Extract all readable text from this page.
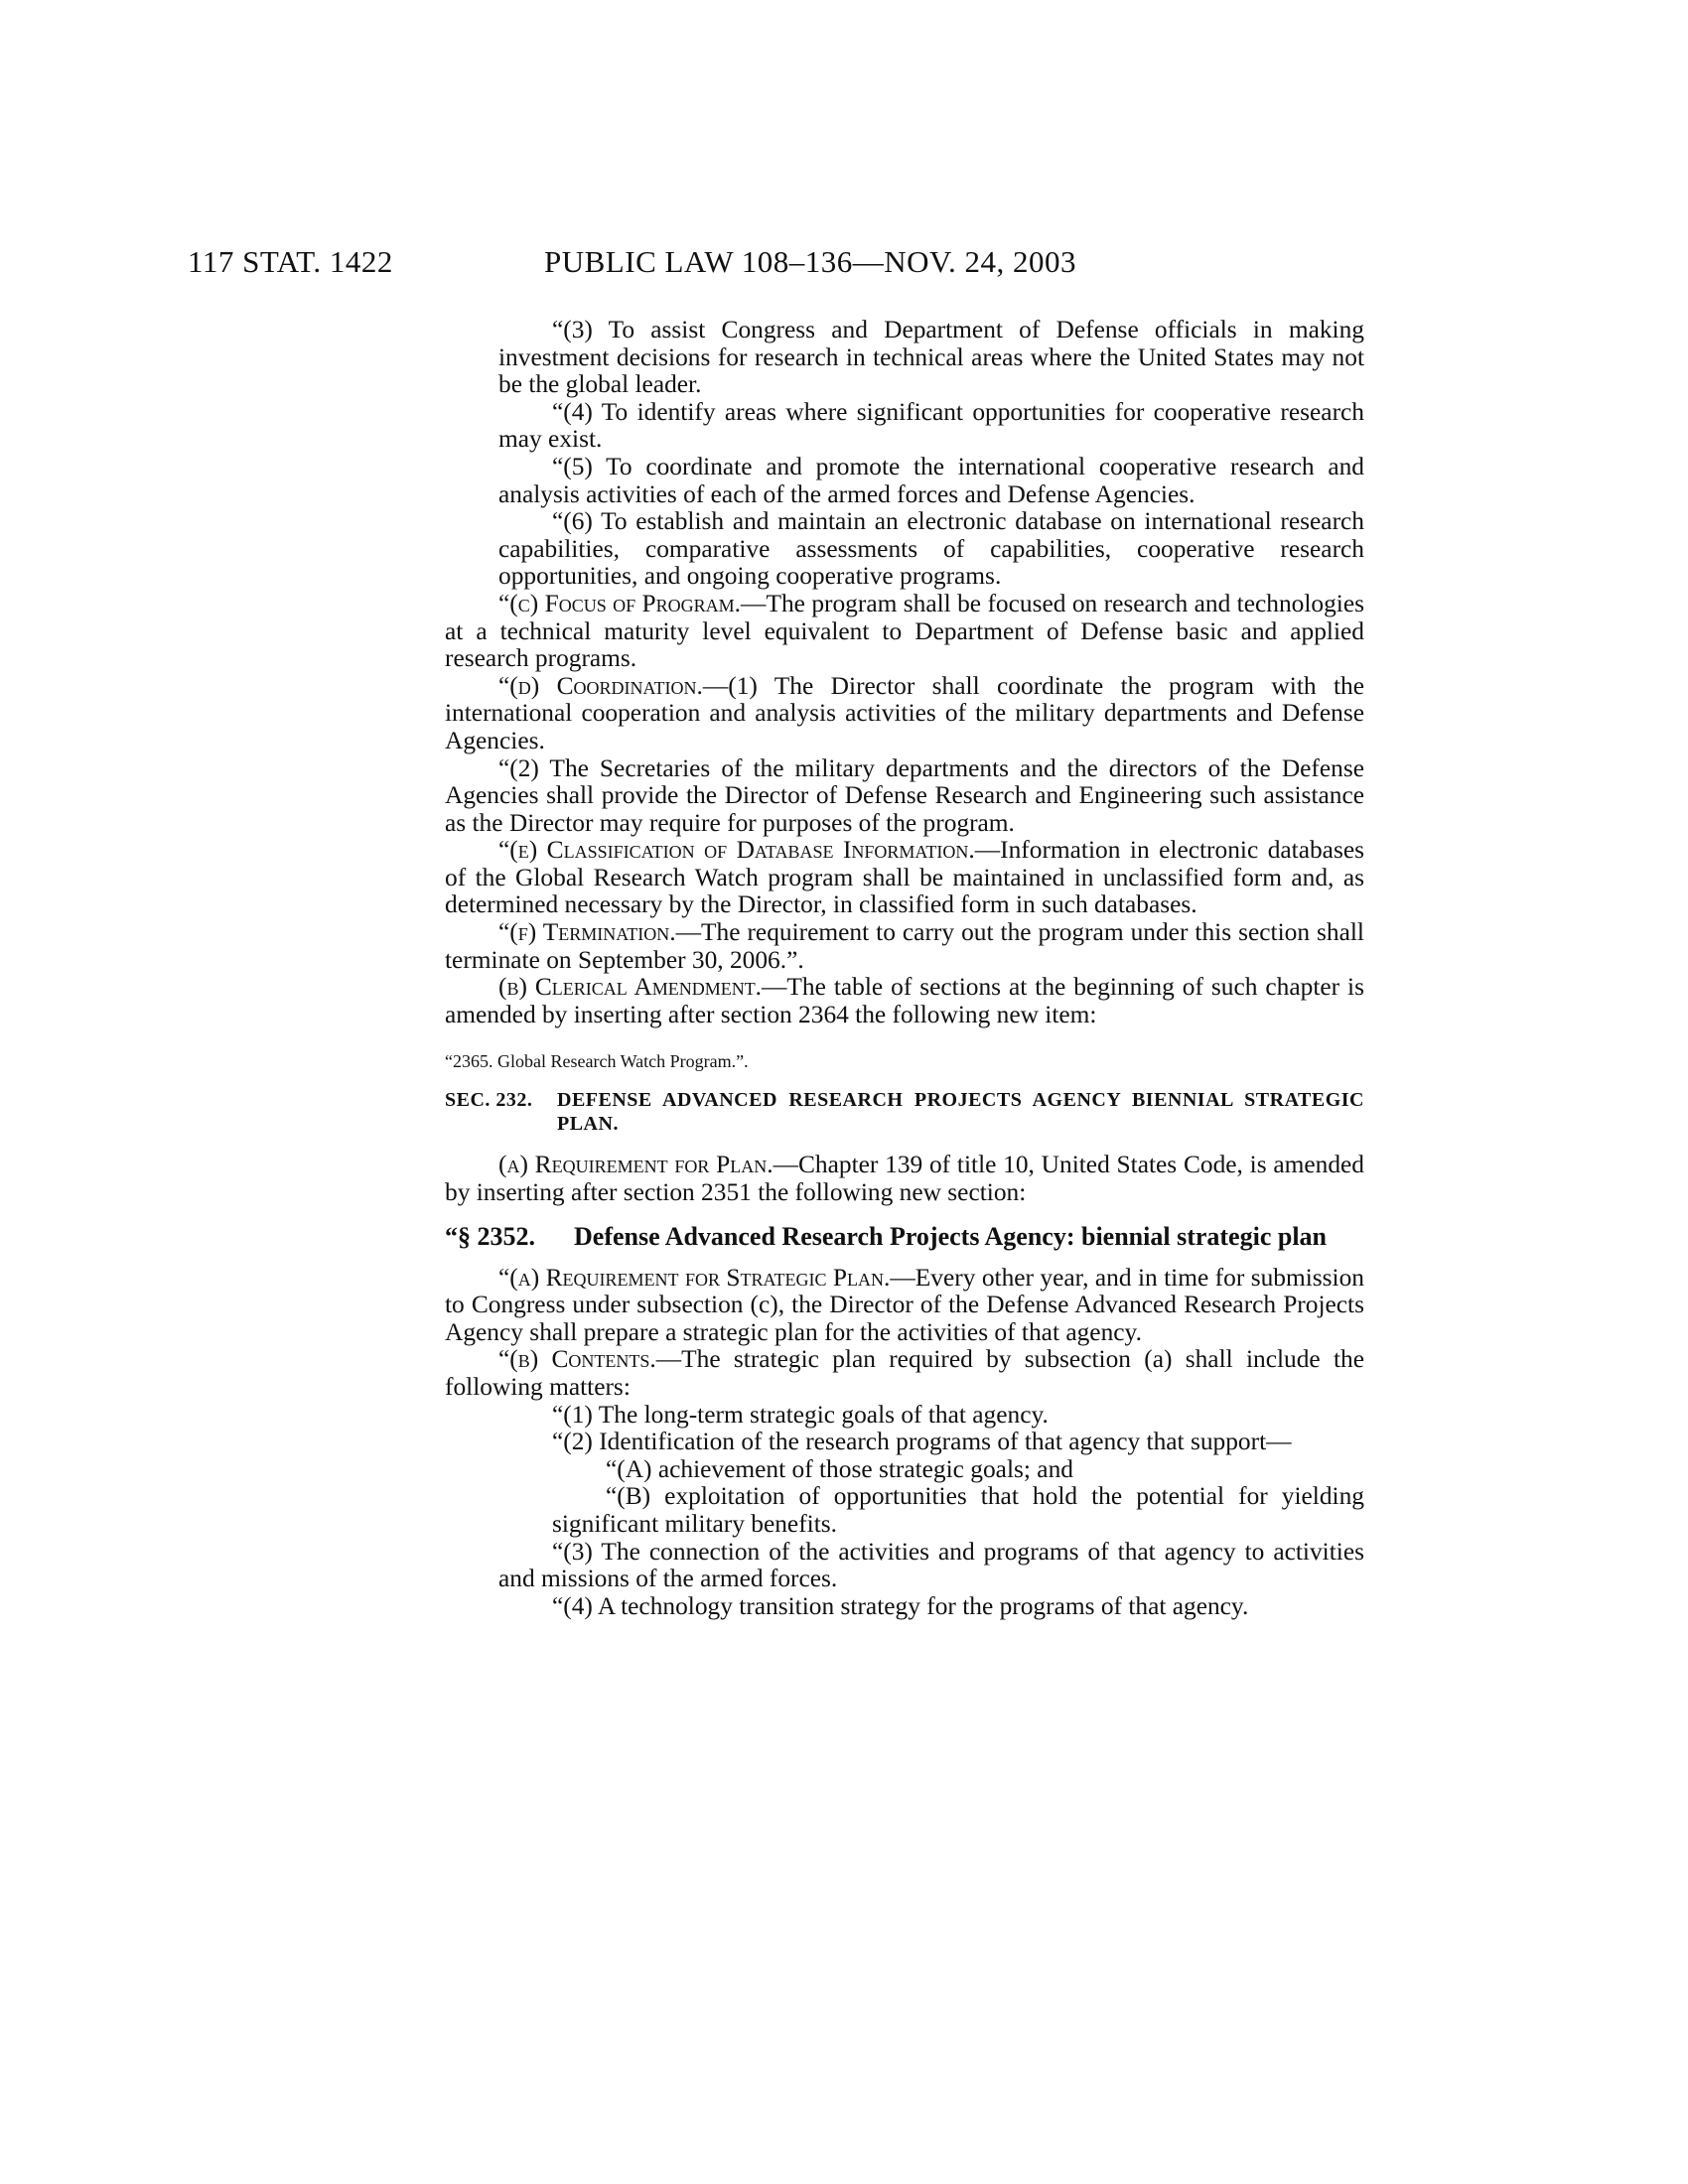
117 STAT. 1422	PUBLIC LAW 108–136—NOV. 24, 2003

“(3) To assist Congress and Department of Defense officials in making investment decisions for research in technical areas where the United States may not be the global leader.

“(4) To identify areas where significant opportunities for cooperative research may exist.

“(5) To coordinate and promote the international cooperative research and analysis activities of each of the armed forces and Defense Agencies.

“(6) To establish and maintain an electronic database on international research capabilities, comparative assessments of capabilities, cooperative research opportunities, and ongoing cooperative programs.

“(c) Focus of Program.—The program shall be focused on research and technologies at a technical maturity level equivalent to Department of Defense basic and applied research programs.

“(d) Coordination.—(1) The Director shall coordinate the program with the international cooperation and analysis activities of the military departments and Defense Agencies.

“(2) The Secretaries of the military departments and the directors of the Defense Agencies shall provide the Director of Defense Research and Engineering such assistance as the Director may require for purposes of the program.

“(e) Classification of Database Information.—Information in electronic databases of the Global Research Watch program shall be maintained in unclassified form and, as determined necessary by the Director, in classified form in such databases.

“(f) Termination.—The requirement to carry out the program under this section shall terminate on September 30, 2006.”.

(b) Clerical Amendment.—The table of sections at the beginning of such chapter is amended by inserting after section 2364 the following new item:

“2365. Global Research Watch Program.”.

SEC. 232.	DEFENSE ADVANCED RESEARCH PROJECTS AGENCY BIENNIAL STRATEGIC PLAN.

(a) Requirement for Plan.—Chapter 139 of title 10, United States Code, is amended by inserting after section 2351 the following new section:

“§ 2352.	Defense Advanced Research Projects Agency: biennial strategic plan

“(a) Requirement for Strategic Plan.—Every other year, and in time for submission to Congress under subsection (c), the Director of the Defense Advanced Research Projects Agency shall prepare a strategic plan for the activities of that agency.

“(b) Contents.—The strategic plan required by subsection (a) shall include the following matters:

“(1) The long-term strategic goals of that agency.

“(2) Identification of the research programs of that agency that support—

“(A) achievement of those strategic goals; and

“(B) exploitation of opportunities that hold the potential for yielding significant military benefits.

“(3) The connection of the activities and programs of that agency to activities and missions of the armed forces.

“(4) A technology transition strategy for the programs of that agency.
